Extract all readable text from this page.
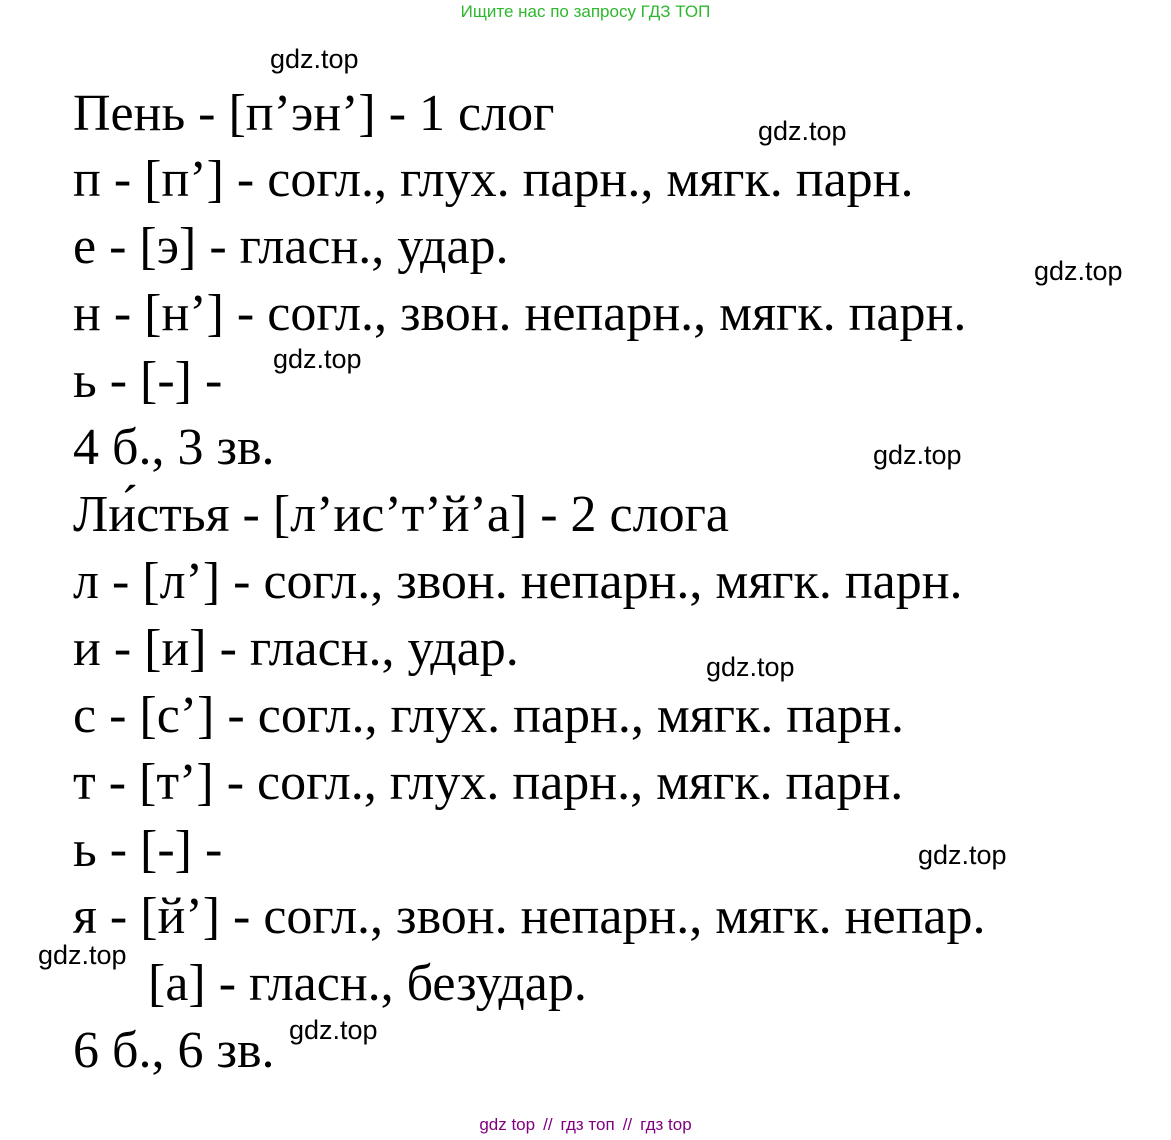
Ищите нас по запросу ГДЗ ТОП
Пень - [п’эн’] - 1 слог
п - [п’] - согл., глух. парн., мягк. парн.
е - [э] - гласн., удар.
н - [н’] - согл., звон. непарн., мягк. парн.
ь - [-] -
4 б., 3 зв.
Ли́стья - [л’ис’т’й’а] - 2 слога
л - [л’] - согл., звон. непарн., мягк. парн.
и - [и] - гласн., удар.
с - [с’] - согл., глух. парн., мягк. парн.
т - [т’] - согл., глух. парн., мягк. парн.
ь - [-] -
я - [й’] - согл., звон. непарн., мягк. непар.
[а] - гласн., безудар.
6 б., 6 зв.
gdz.top
gdz.top
gdz.top
gdz.top
gdz.top
gdz.top
gdz.top
gdz.top
gdz.top
gdz top // гдз топ // гдз top
